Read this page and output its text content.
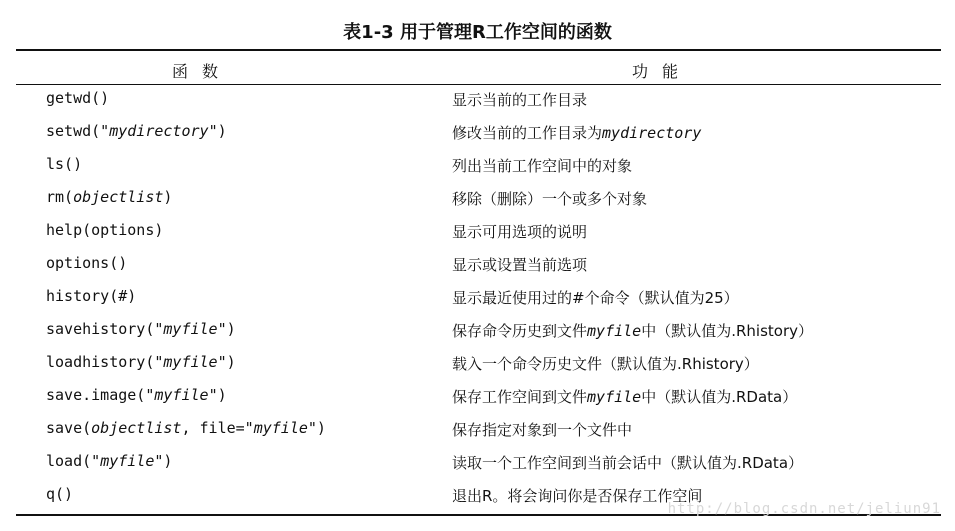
表1-3 用于管理R工作空间的函数
函数	功能
getwd()	显示当前的工作目录
setwd("mydirectory")	修改当前的工作目录为mydirectory
ls()	列出当前工作空间中的对象
rm(objectlist)	移除（删除）一个或多个对象
help(options)	显示可用选项的说明
options()	显示或设置当前选项
history(#)	显示最近使用过的#个命令（默认值为25）
savehistory("myfile")	保存命令历史到文件myfile中（默认值为.Rhistory）
loadhistory("myfile")	载入一个命令历史文件（默认值为.Rhistory）
save.image("myfile")	保存工作空间到文件myfile中（默认值为.RData）
save(objectlist, file="myfile")	保存指定对象到一个文件中
load("myfile")	读取一个工作空间到当前会话中（默认值为.RData）
q()	退出R。将会询问你是否保存工作空间
http://blog.csdn.net/jeliun91
